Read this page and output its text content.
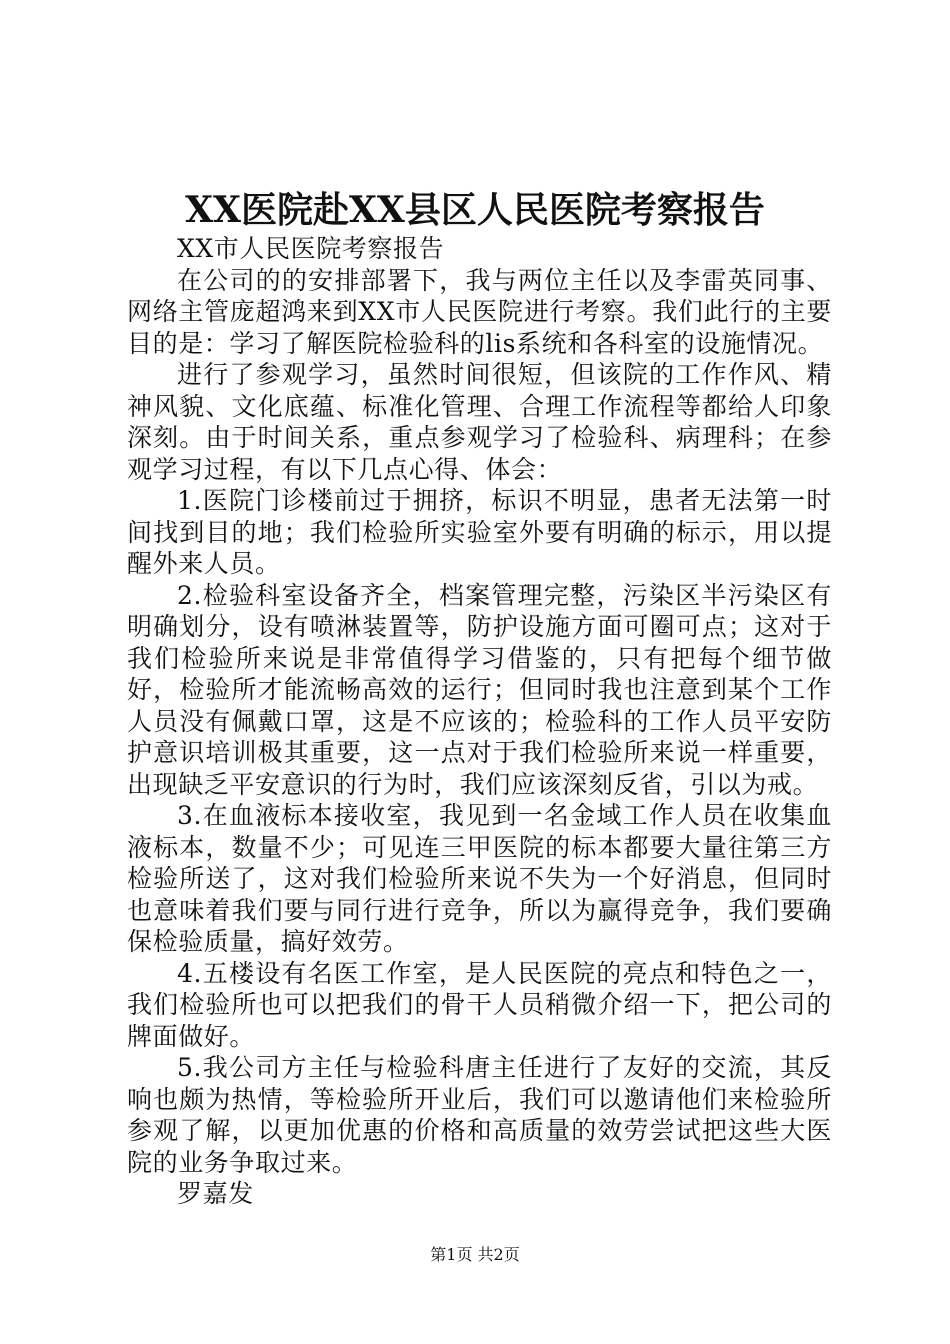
XX医院赴XX县区人民医院考察报告

XX市人民医院考察报告

在公司的的安排部署下，我与两位主任以及李雷英同事、网络主管庞超鸿来到XX市人民医院进行考察。我们此行的主要目的是：学习了解医院检验科的lis系统和各科室的设施情况。

进行了参观学习，虽然时间很短，但该院的工作作风、精神风貌、文化底蕴、标准化管理、合理工作流程等都给人印象深刻。由于时间关系，重点参观学习了检验科、病理科；在参观学习过程，有以下几点心得、体会：

1.医院门诊楼前过于拥挤，标识不明显，患者无法第一时间找到目的地；我们检验所实验室外要有明确的标示，用以提醒外来人员。

2.检验科室设备齐全，档案管理完整，污染区半污染区有明确划分，设有喷淋装置等，防护设施方面可圈可点；这对于我们检验所来说是非常值得学习借鉴的，只有把每个细节做好，检验所才能流畅高效的运行；但同时我也注意到某个工作人员没有佩戴口罩，这是不应该的；检验科的工作人员平安防护意识培训极其重要，这一点对于我们检验所来说一样重要，出现缺乏平安意识的行为时，我们应该深刻反省，引以为戒。

3.在血液标本接收室，我见到一名金域工作人员在收集血液标本，数量不少；可见连三甲医院的标本都要大量往第三方检验所送了，这对我们检验所来说不失为一个好消息，但同时也意味着我们要与同行进行竞争，所以为赢得竞争，我们要确保检验质量，搞好效劳。

4.五楼设有名医工作室，是人民医院的亮点和特色之一，我们检验所也可以把我们的骨干人员稍微介绍一下，把公司的牌面做好。

5.我公司方主任与检验科唐主任进行了友好的交流，其反响也颇为热情，等检验所开业后，我们可以邀请他们来检验所参观了解，以更加优惠的价格和高质量的效劳尝试把这些大医院的业务争取过来。

罗嘉发

第1页 共2页
